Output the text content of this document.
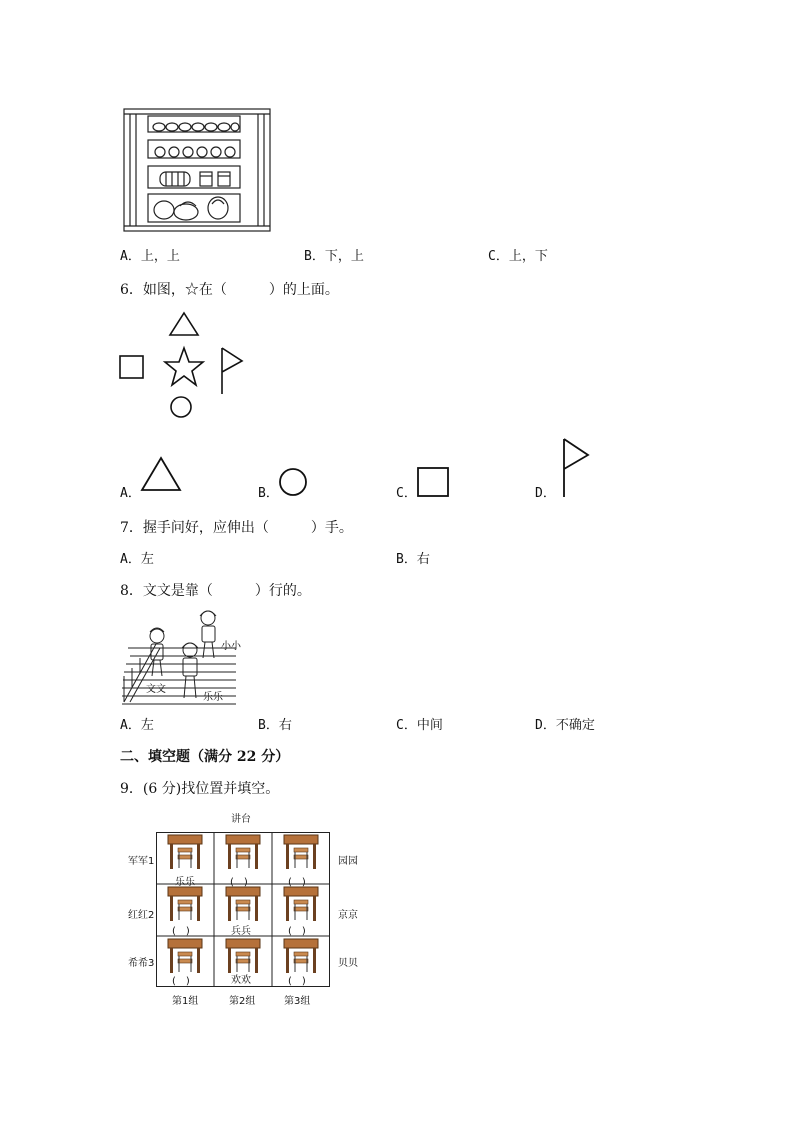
A．上，上	B．下，上	C．上，下
6．如图，☆在（　　　）的上面。
A．	B．	C．	D．
7．握手问好，应伸出（　　　）手。
A．左	B．右
8．文文是靠（　　　）行的。
小小
文文
乐乐
A．左	B．右	C．中间	D．不确定
二、填空题（满分 22 分）
9．(6 分)找位置并填空。
讲台
军军1
红红2
希希3
园园
京京
贝贝
乐乐	(　)	(　)
(　)	兵兵	(　)
(　)	欢欢	(　)
第1组	第2组	第3组
